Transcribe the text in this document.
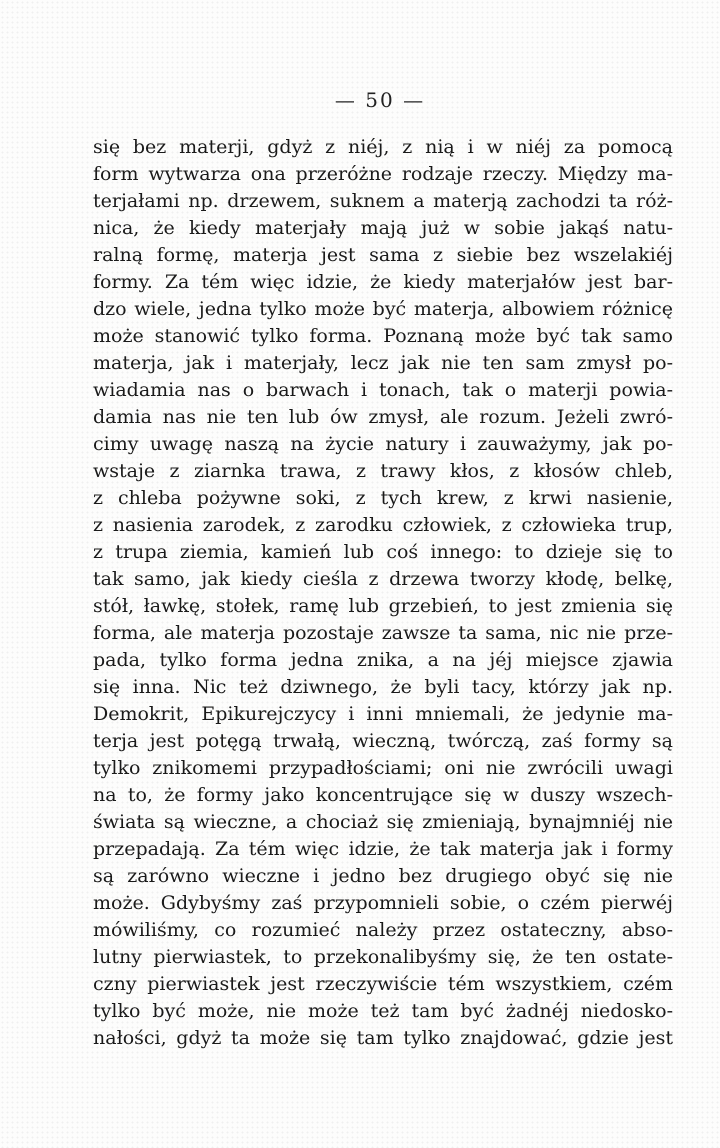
— 50 —
się bez materji, gdyż z niéj, z nią i w niéj za pomocą
form wytwarza ona przeróżne rodzaje rzeczy. Między ma-
terjałami np. drzewem, suknem a materją zachodzi ta róż-
nica, że kiedy materjały mają już w sobie jakąś natu-
ralną formę, materja jest sama z siebie bez wszelakiéj
formy. Za tém więc idzie, że kiedy materjałów jest bar-
dzo wiele, jedna tylko może być materja, albowiem różnicę
może stanowić tylko forma. Poznaną może być tak samo
materja, jak i materjały, lecz jak nie ten sam zmysł po-
wiadamia nas o barwach i tonach, tak o materji powia-
damia nas nie ten lub ów zmysł, ale rozum. Jeżeli zwró-
cimy uwagę naszą na życie natury i zauważymy, jak po-
wstaje z ziarnka trawa, z trawy kłos, z kłosów chleb,
z chleba pożywne soki, z tych krew, z krwi nasienie,
z nasienia zarodek, z zarodku człowiek, z człowieka trup,
z trupa ziemia, kamień lub coś innego: to dzieje się to
tak samo, jak kiedy cieśla z drzewa tworzy kłodę, belkę,
stół, ławkę, stołek, ramę lub grzebień, to jest zmienia się
forma, ale materja pozostaje zawsze ta sama, nic nie prze-
pada, tylko forma jedna znika, a na jéj miejsce zjawia
się inna. Nic też dziwnego, że byli tacy, którzy jak np.
Demokrit, Epikurejczycy i inni mniemali, że jedynie ma-
terja jest potęgą trwałą, wieczną, twórczą, zaś formy są
tylko znikomemi przypadłościami; oni nie zwrócili uwagi
na to, że formy jako koncentrujące się w duszy wszech-
świata są wieczne, a chociaż się zmieniają, bynajmniéj nie
przepadają. Za tém więc idzie, że tak materja jak i formy
są zarówno wieczne i jedno bez drugiego obyć się nie
może. Gdybyśmy zaś przypomnieli sobie, o czém pierwéj
mówiliśmy, co rozumieć należy przez ostateczny, abso-
lutny pierwiastek, to przekonalibyśmy się, że ten ostate-
czny pierwiastek jest rzeczywiście tém wszystkiem, czém
tylko być może, nie może też tam być żadnéj niedosko-
nałości, gdyż ta może się tam tylko znajdować, gdzie jest
